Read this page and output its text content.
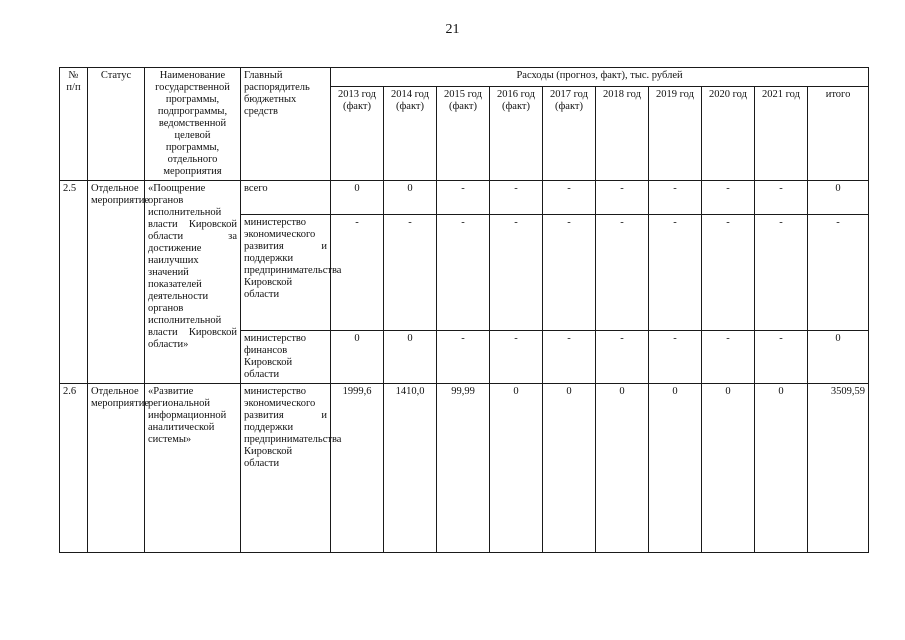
21
№ п/п	Статус	Наименование государственной программы, подпрограммы, ведомственной целевой программы, отдельного мероприятия	Главный распорядитель бюджетных средств	Расходы (прогноз, факт), тыс. рублей									
				2013 год (факт)	2014 год (факт)	2015 год (факт)	2016 год (факт)	2017 год (факт)	2018 год	2019 год	2020 год	2021 год	итого
2.5	Отдельное мероприятие	«Поощрение органов исполнительной власти Кировской области за достижение наилучших значений показателей деятельности органов исполнительной власти Кировской области»	всего	0	0	-	-	-	-	-	-	-	0
			министерство экономического развития и поддержки предпринимательства Кировской области	-	-	-	-	-	-	-	-	-	-
			министерство финансов Кировской области	0	0	-	-	-	-	-	-	-	0
2.6	Отдельное мероприятие	«Развитие региональной информационной аналитической системы»	министерство экономического развития и поддержки предпринимательства Кировской области	1999,6	1410,0	99,99	0	0	0	0	0	0	3509,59
